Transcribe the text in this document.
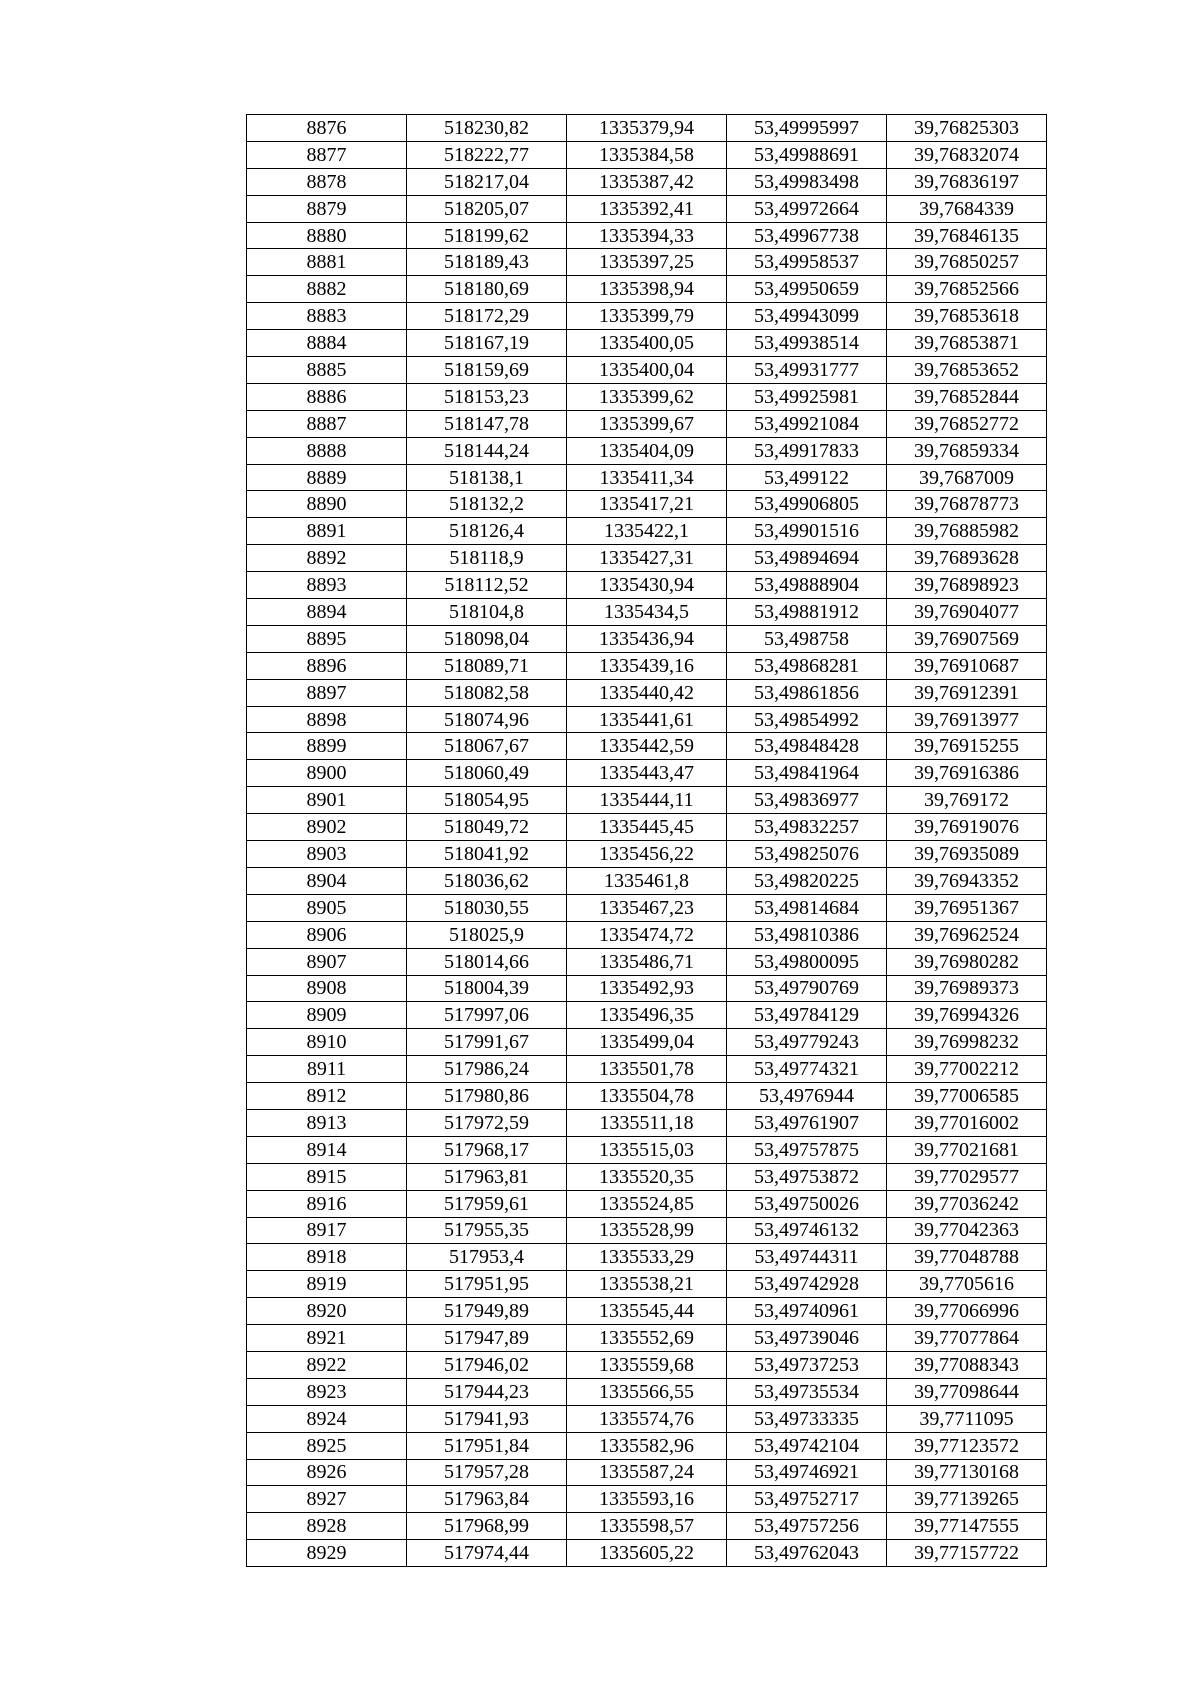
8876	518230,82	1335379,94	53,49995997	39,76825303
8877	518222,77	1335384,58	53,49988691	39,76832074
8878	518217,04	1335387,42	53,49983498	39,76836197
8879	518205,07	1335392,41	53,49972664	39,7684339
8880	518199,62	1335394,33	53,49967738	39,76846135
8881	518189,43	1335397,25	53,49958537	39,76850257
8882	518180,69	1335398,94	53,49950659	39,76852566
8883	518172,29	1335399,79	53,49943099	39,76853618
8884	518167,19	1335400,05	53,49938514	39,76853871
8885	518159,69	1335400,04	53,49931777	39,76853652
8886	518153,23	1335399,62	53,49925981	39,76852844
8887	518147,78	1335399,67	53,49921084	39,76852772
8888	518144,24	1335404,09	53,49917833	39,76859334
8889	518138,1	1335411,34	53,499122	39,7687009
8890	518132,2	1335417,21	53,49906805	39,76878773
8891	518126,4	1335422,1	53,49901516	39,76885982
8892	518118,9	1335427,31	53,49894694	39,76893628
8893	518112,52	1335430,94	53,49888904	39,76898923
8894	518104,8	1335434,5	53,49881912	39,76904077
8895	518098,04	1335436,94	53,498758	39,76907569
8896	518089,71	1335439,16	53,49868281	39,76910687
8897	518082,58	1335440,42	53,49861856	39,76912391
8898	518074,96	1335441,61	53,49854992	39,76913977
8899	518067,67	1335442,59	53,49848428	39,76915255
8900	518060,49	1335443,47	53,49841964	39,76916386
8901	518054,95	1335444,11	53,49836977	39,769172
8902	518049,72	1335445,45	53,49832257	39,76919076
8903	518041,92	1335456,22	53,49825076	39,76935089
8904	518036,62	1335461,8	53,49820225	39,76943352
8905	518030,55	1335467,23	53,49814684	39,76951367
8906	518025,9	1335474,72	53,49810386	39,76962524
8907	518014,66	1335486,71	53,49800095	39,76980282
8908	518004,39	1335492,93	53,49790769	39,76989373
8909	517997,06	1335496,35	53,49784129	39,76994326
8910	517991,67	1335499,04	53,49779243	39,76998232
8911	517986,24	1335501,78	53,49774321	39,77002212
8912	517980,86	1335504,78	53,4976944	39,77006585
8913	517972,59	1335511,18	53,49761907	39,77016002
8914	517968,17	1335515,03	53,49757875	39,77021681
8915	517963,81	1335520,35	53,49753872	39,77029577
8916	517959,61	1335524,85	53,49750026	39,77036242
8917	517955,35	1335528,99	53,49746132	39,77042363
8918	517953,4	1335533,29	53,49744311	39,77048788
8919	517951,95	1335538,21	53,49742928	39,7705616
8920	517949,89	1335545,44	53,49740961	39,77066996
8921	517947,89	1335552,69	53,49739046	39,77077864
8922	517946,02	1335559,68	53,49737253	39,77088343
8923	517944,23	1335566,55	53,49735534	39,77098644
8924	517941,93	1335574,76	53,49733335	39,7711095
8925	517951,84	1335582,96	53,49742104	39,77123572
8926	517957,28	1335587,24	53,49746921	39,77130168
8927	517963,84	1335593,16	53,49752717	39,77139265
8928	517968,99	1335598,57	53,49757256	39,77147555
8929	517974,44	1335605,22	53,49762043	39,77157722
